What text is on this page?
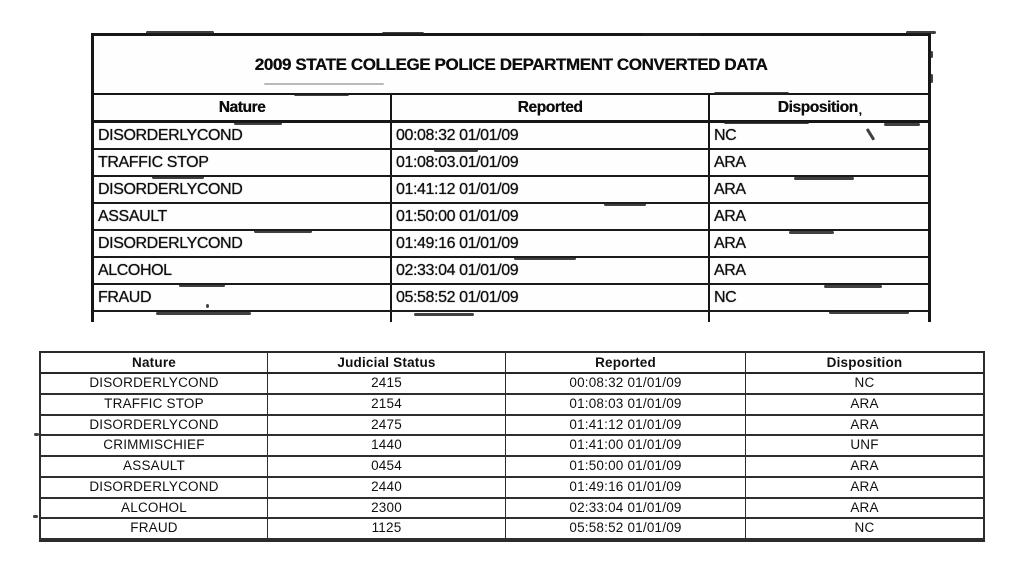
2009 STATE COLLEGE POLICE DEPARTMENT CONVERTED DATA
Nature	Reported	Disposition,
DISORDERLYCOND	00:08:32 01/01/09	NC
TRAFFIC STOP	01:08:03.01/01/09	ARA
DISORDERLYCOND	01:41:12 01/01/09	ARA
ASSAULT	01:50:00 01/01/09	ARA
DISORDERLYCOND	01:49:16 01/01/09	ARA
ALCOHOL	02:33:04 01/01/09	ARA
FRAUD	05:58:52 01/01/09	NC
Nature	Judicial Status	Reported	Disposition
DISORDERLYCOND	2415	00:08:32 01/01/09	NC
TRAFFIC STOP	2154	01:08:03 01/01/09	ARA
DISORDERLYCOND	2475	01:41:12 01/01/09	ARA
CRIMMISCHIEF	1440	01:41:00 01/01/09	UNF
ASSAULT	0454	01:50:00 01/01/09	ARA
DISORDERLYCOND	2440	01:49:16 01/01/09	ARA
ALCOHOL	2300	02:33:04 01/01/09	ARA
FRAUD	1125	05:58:52 01/01/09	NC
